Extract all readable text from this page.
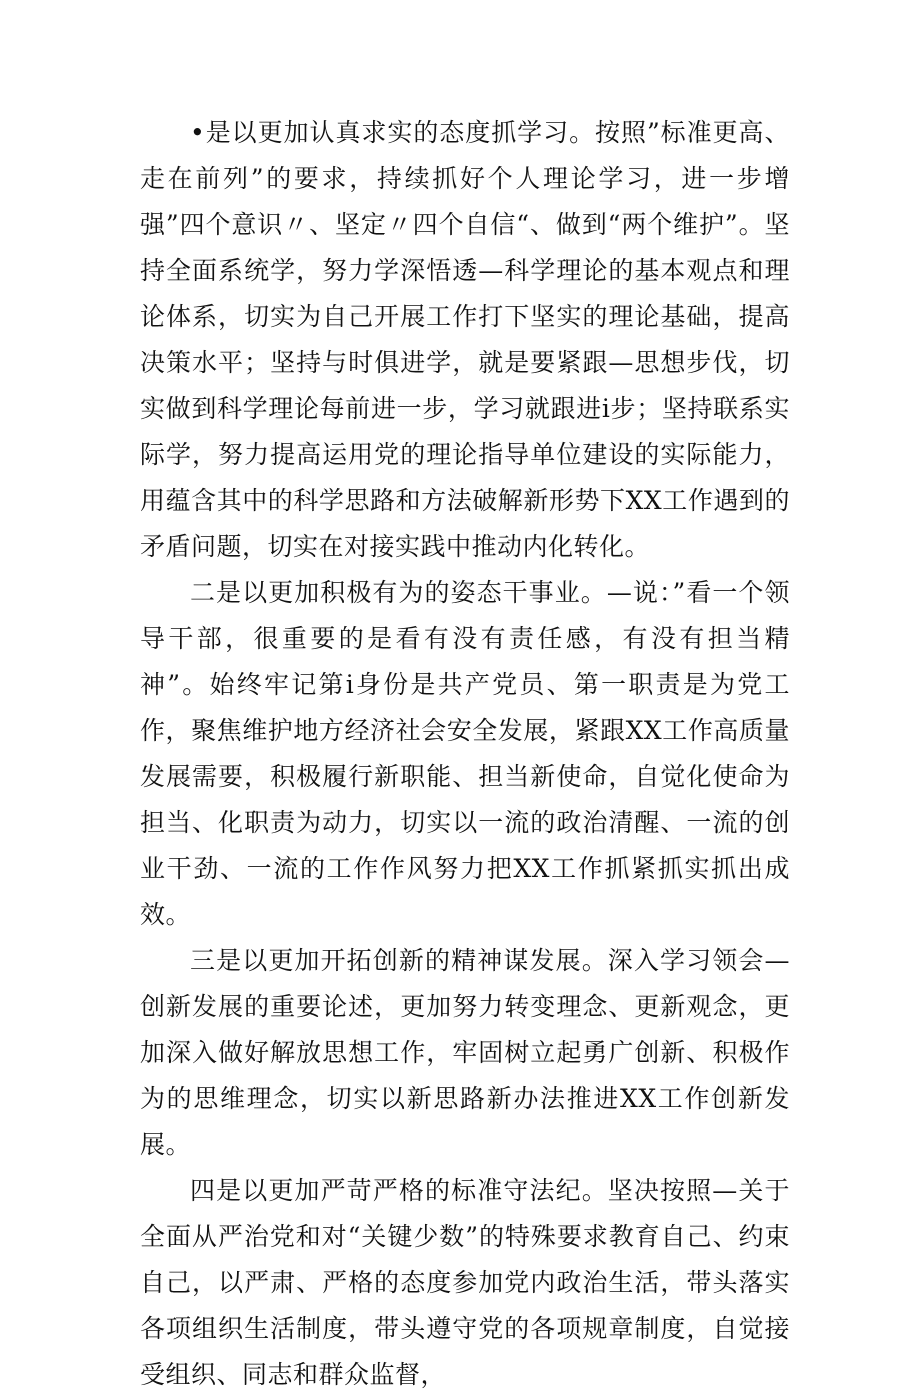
•是以更加认真求实的态度抓学习。按照”标准更高、走在前列”的要求，持续抓好个人理论学习，进一步增强”四个意识〃、坚定〃四个自信“、做到“两个维护”。坚持全面系统学，努力学深悟透—科学理论的基本观点和理论体系，切实为自己开展工作打下坚实的理论基础，提高决策水平；坚持与时俱进学，就是要紧跟—思想步伐，切实做到科学理论每前进一步，学习就跟进i步；坚持联系实际学，努力提高运用党的理论指导单位建设的实际能力，用蕴含其中的科学思路和方法破解新形势下XX工作遇到的矛盾问题，切实在对接实践中推动内化转化。

二是以更加积极有为的姿态干事业。—说：”看一个领导干部，很重要的是看有没有责任感，有没有担当精神”。始终牢记第i身份是共产党员、第一职责是为党工作，聚焦维护地方经济社会安全发展，紧跟XX工作高质量发展需要，积极履行新职能、担当新使命，自觉化使命为担当、化职责为动力，切实以一流的政治清醒、一流的创业干劲、一流的工作作风努力把XX工作抓紧抓实抓出成效。

三是以更加开拓创新的精神谋发展。深入学习领会—创新发展的重要论述，更加努力转变理念、更新观念，更加深入做好解放思想工作，牢固树立起勇广创新、积极作为的思维理念，切实以新思路新办法推进XX工作创新发展。

四是以更加严苛严格的标准守法纪。坚决按照—关于全面从严治党和对“关键少数”的特殊要求教育自己、约束自己，以严肃、严格的态度参加党内政治生活，带头落实各项组织生活制度，带头遵守党的各项规章制度，自觉接受组织、同志和群众监督，
